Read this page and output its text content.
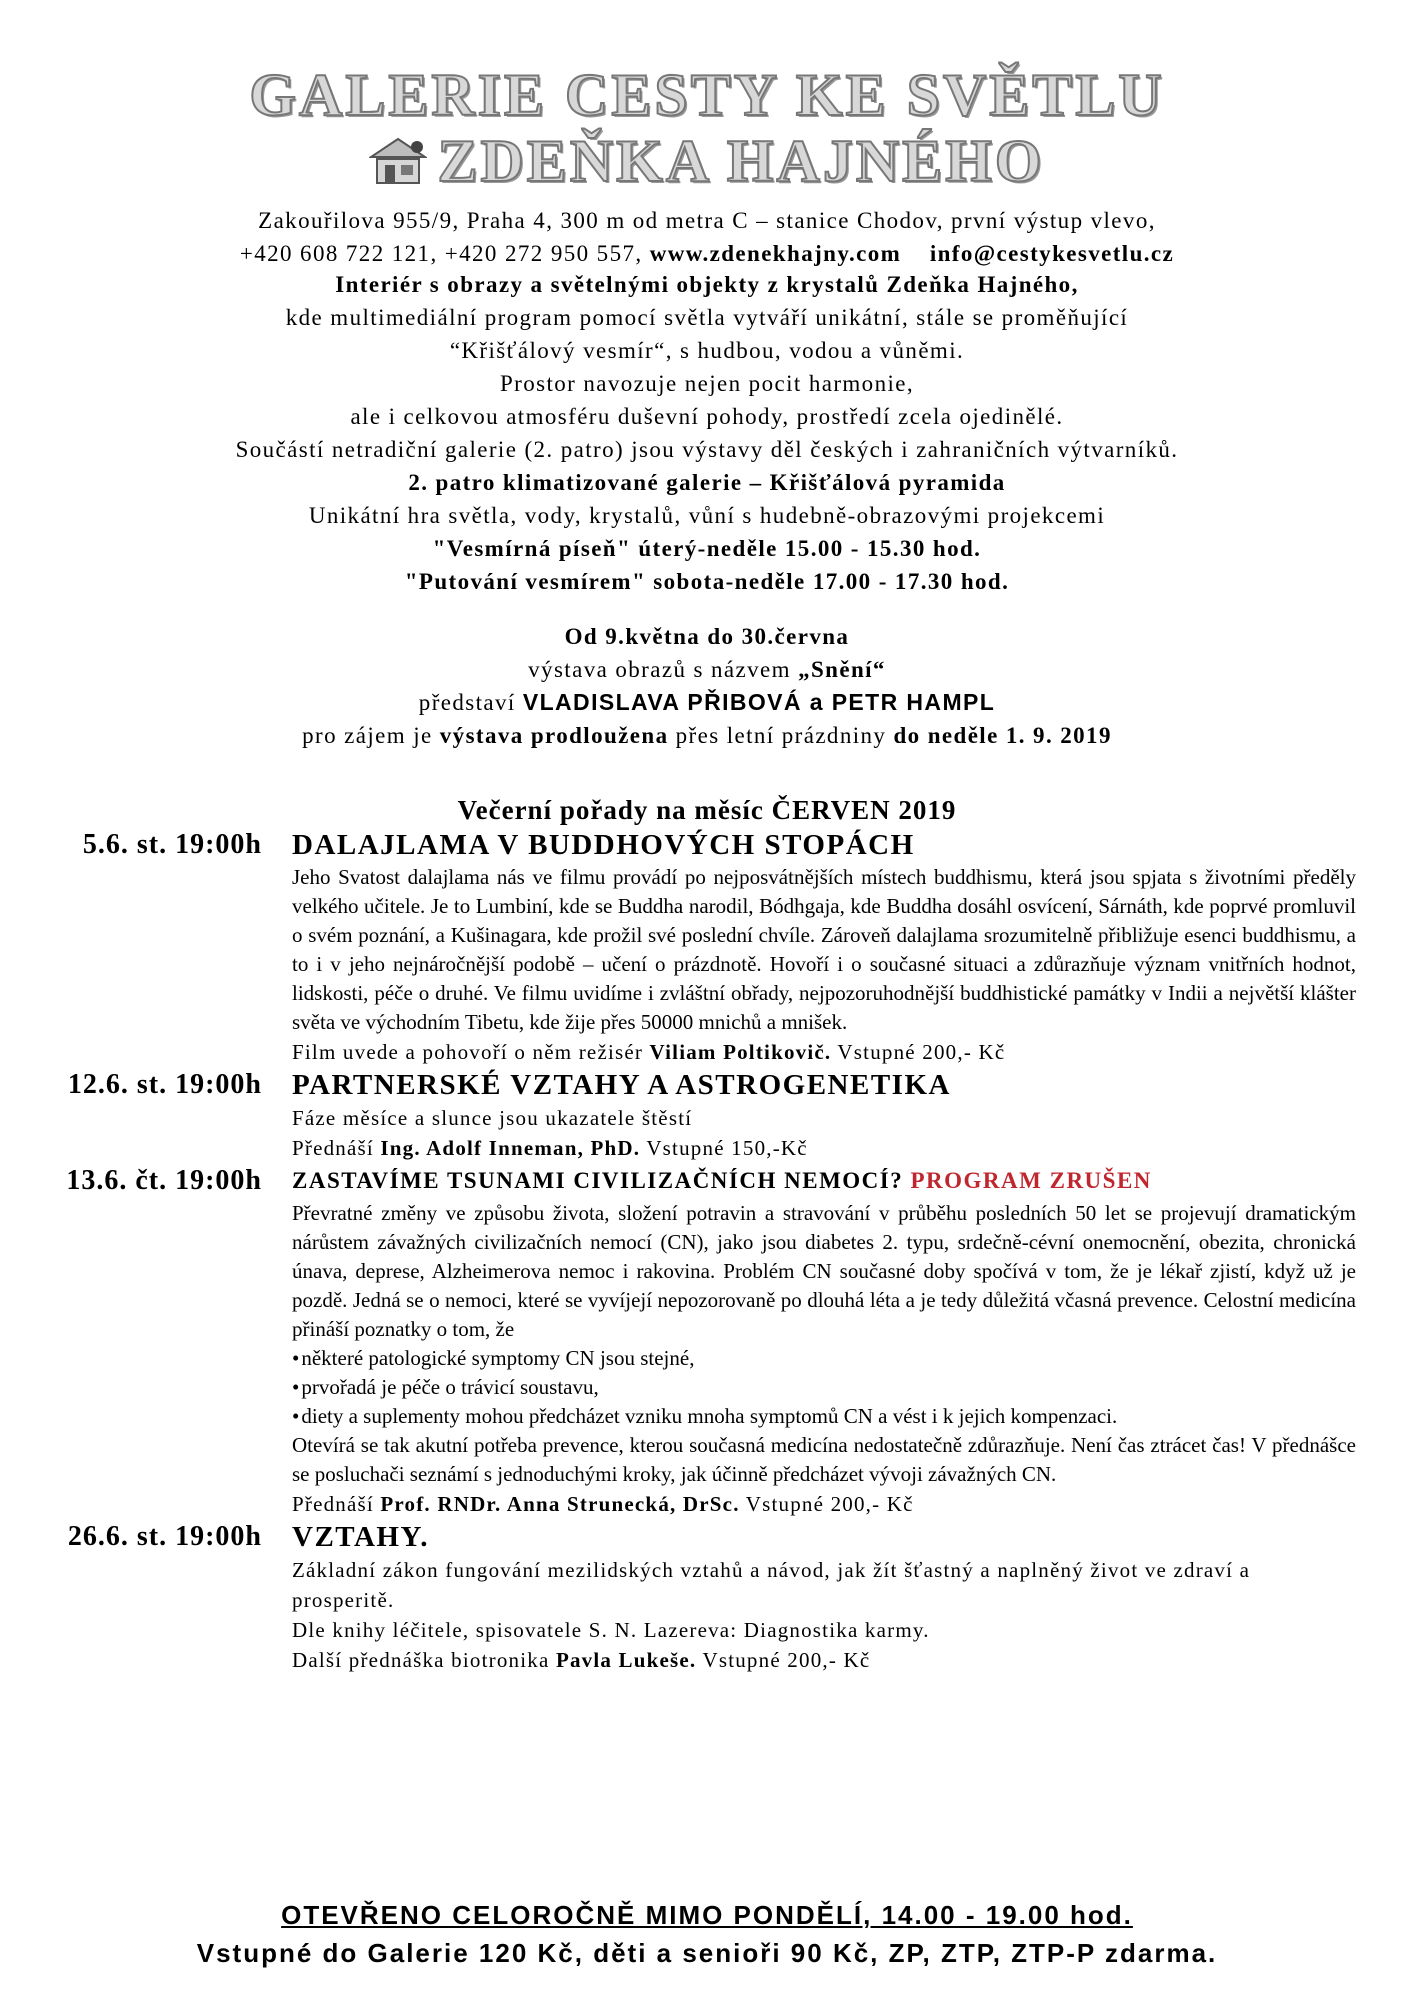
GALERIE CESTY KE SVĚTLU
ZDEŇKA HAJNÉHO
Zakouřilova 955/9, Praha 4, 300 m od metra C – stanice Chodov, první výstup vlevo,
+420 608 722 121, +420 272 950 557, www.zdenekhajny.com info@cestykesvetlu.cz
Interiér s obrazy a světelnými objekty z krystalů Zdeňka Hajného,
kde multimediální program pomocí světla vytváří unikátní, stále se proměňující
“Křišťálový vesmír“, s hudbou, vodou a vůněmi.
Prostor navozuje nejen pocit harmonie,
ale i celkovou atmosféru duševní pohody, prostředí zcela ojedinělé.
Součástí netradiční galerie (2. patro) jsou výstavy děl českých i zahraničních výtvarníků.
2. patro klimatizované galerie – Křišťálová pyramida
Unikátní hra světla, vody, krystalů, vůní s hudebně-obrazovými projekcemi
"Vesmírná píseň" úterý-neděle 15.00 - 15.30 hod.
"Putování vesmírem" sobota-neděle 17.00 - 17.30 hod.
Od 9.května do 30.června
výstava obrazů s názvem „Snění“
představí VLADISLAVA PŘIBOVÁ a PETR HAMPL
pro zájem je výstava prodloužena přes letní prázdniny do neděle 1. 9. 2019
Večerní pořady na měsíc ČERVEN 2019
5.6. st. 19:00h	DALAJLAMA V BUDDHOVÝCH STOPÁCH
Jeho Svatost dalajlama nás ve filmu provádí po nejposvátnějších místech buddhismu, která jsou spjata s životními předěly velkého učitele. Je to Lumbiní, kde se Buddha narodil, Bódhgaja, kde Buddha dosáhl osvícení, Sárnáth, kde poprvé promluvil o svém poznání, a Kušinagara, kde prožil své poslední chvíle. Zároveň dalajlama srozumitelně přibližuje esenci buddhismu, a to i v jeho nejnáročnější podobě – učení o prázdnotě. Hovoří i o současné situaci a zdůrazňuje význam vnitřních hodnot, lidskosti, péče o druhé. Ve filmu uvidíme i zvláštní obřady, nejpozoruhodnější buddhistické památky v Indii a největší klášter světa ve východním Tibetu, kde žije přes 50000 mnichů a mnišek.
Film uvede a pohovoří o něm režisér Viliam Poltikovič. Vstupné 200,- Kč
12.6. st. 19:00h	PARTNERSKÉ VZTAHY A ASTROGENETIKA
Fáze měsíce a slunce jsou ukazatele štěstí
Přednáší Ing. Adolf Inneman, PhD. Vstupné 150,-Kč
13.6. čt. 19:00h	ZASTAVÍME TSUNAMI CIVILIZAČNÍCH NEMOCÍ? PROGRAM ZRUŠEN
Převratné změny ve způsobu života, složení potravin a stravování v průběhu posledních 50 let se projevují dramatickým nárůstem závažných civilizačních nemocí (CN), jako jsou diabetes 2. typu, srdečně-cévní onemocnění, obezita, chronická únava, deprese, Alzheimerova nemoc i rakovina. Problém CN současné doby spočívá v tom, že je lékař zjistí, když už je pozdě. Jedná se o nemoci, které se vyvíjejí nepozorovaně po dlouhá léta a je tedy důležitá včasná prevence. Celostní medicína přináší poznatky o tom, že
• některé patologické symptomy CN jsou stejné,
• prvořadá je péče o trávicí soustavu,
• diety a suplementy mohou předcházet vzniku mnoha symptomů CN a vést i k jejich kompenzaci.
Otevírá se tak akutní potřeba prevence, kterou současná medicína nedostatečně zdůrazňuje. Není čas ztrácet čas! V přednášce se posluchači seznámí s jednoduchými kroky, jak účinně předcházet vývoji závažných CN.
Přednáší Prof. RNDr. Anna Strunecká, DrSc. Vstupné 200,- Kč
26.6. st. 19:00h	VZTAHY.
Základní zákon fungování mezilidských vztahů a návod, jak žít šťastný a naplněný život ve zdraví a prosperitě.
Dle knihy léčitele, spisovatele S. N. Lazereva: Diagnostika karmy.
Další přednáška biotronika Pavla Lukeše. Vstupné 200,- Kč
OTEVŘENO CELOROČNĚ MIMO PONDĚLÍ, 14.00 - 19.00 hod.
Vstupné do Galerie 120 Kč, děti a senioři 90 Kč, ZP, ZTP, ZTP-P zdarma.
